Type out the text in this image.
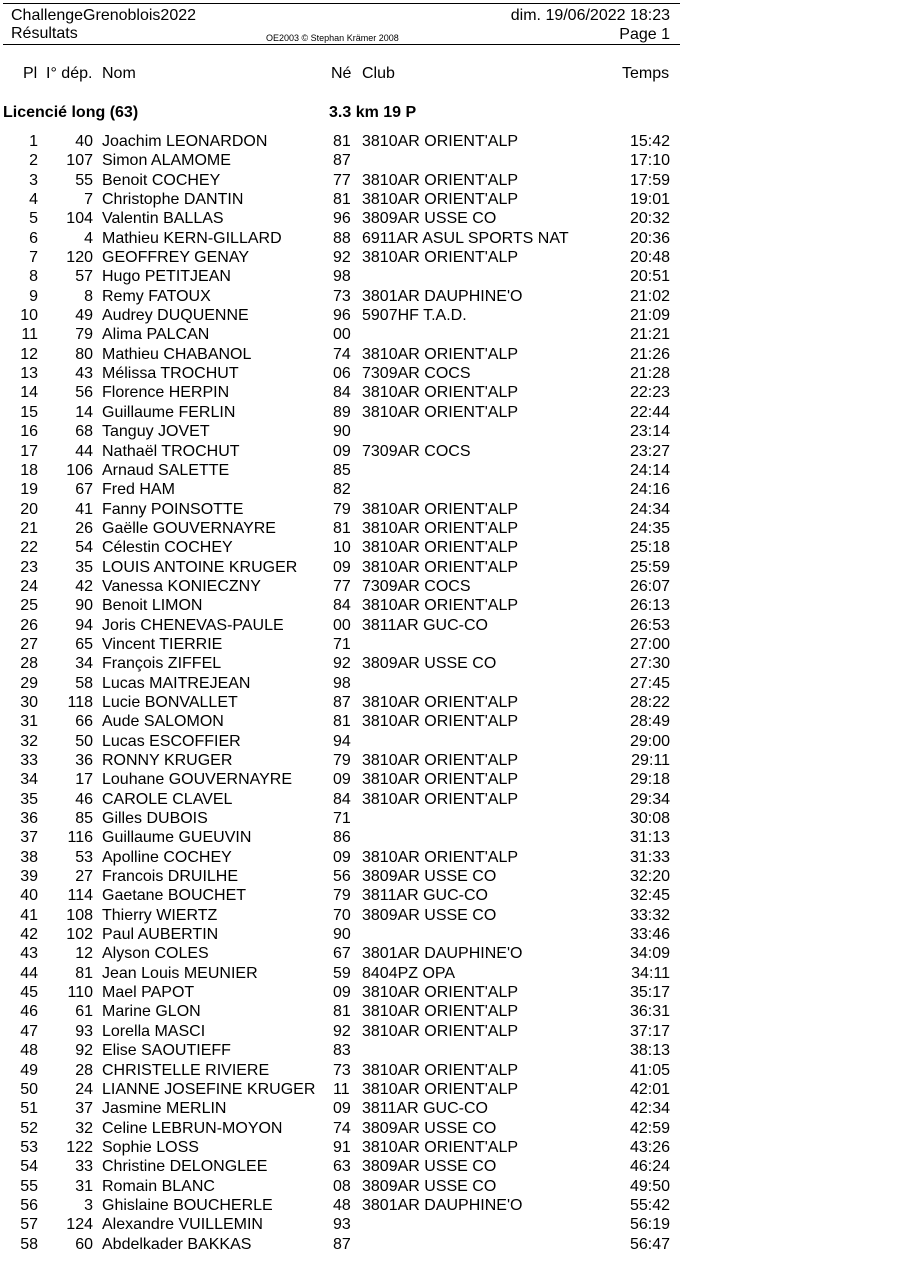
ChallengeGrenoblois2022
Résultats	OE2003 © Stephan Krämer 2008
dim. 19/06/2022 18:23
Page 1
Pl I° dép. Nom	Né Club	Temps
Licencié long (63)	3.3 km 19 P
1	40 Joachim LEONARDON	81 3810AR ORIENT'ALP	15:42
2	107 Simon ALAMOME	87	17:10
3	55 Benoit COCHEY	77 3810AR ORIENT'ALP	17:59
4	7 Christophe DANTIN	81 3810AR ORIENT'ALP	19:01
5	104 Valentin BALLAS	96 3809AR USSE CO	20:32
6	4 Mathieu KERN-GILLARD	88 6911AR ASUL SPORTS NAT	20:36
7	120 GEOFFREY GENAY	92 3810AR ORIENT'ALP	20:48
8	57 Hugo PETITJEAN	98	20:51
9	8 Remy FATOUX	73 3801AR DAUPHINE'O	21:02
10	49 Audrey DUQUENNE	96 5907HF T.A.D.	21:09
11	79 Alima PALCAN	00	21:21
12	80 Mathieu CHABANOL	74 3810AR ORIENT'ALP	21:26
13	43 Mélissa TROCHUT	06 7309AR COCS	21:28
14	56 Florence HERPIN	84 3810AR ORIENT'ALP	22:23
15	14 Guillaume FERLIN	89 3810AR ORIENT'ALP	22:44
16	68 Tanguy JOVET	90	23:14
17	44 Nathaël TROCHUT	09 7309AR COCS	23:27
18	106 Arnaud SALETTE	85	24:14
19	67 Fred HAM	82	24:16
20	41 Fanny POINSOTTE	79 3810AR ORIENT'ALP	24:34
21	26 Gaëlle GOUVERNAYRE	81 3810AR ORIENT'ALP	24:35
22	54 Célestin COCHEY	10 3810AR ORIENT'ALP	25:18
23	35 LOUIS ANTOINE KRUGER 09 3810AR ORIENT'ALP	25:59
24	42 Vanessa KONIECZNY	77 7309AR COCS	26:07
25	90 Benoit LIMON	84 3810AR ORIENT'ALP	26:13
26	94 Joris CHENEVAS-PAULE	00 3811AR GUC-CO	26:53
27	65 Vincent TIERRIE	71	27:00
28	34 François ZIFFEL	92 3809AR USSE CO	27:30
29	58 Lucas MAITREJEAN	98	27:45
30	118 Lucie BONVALLET	87 3810AR ORIENT'ALP	28:22
31	66 Aude SALOMON	81 3810AR ORIENT'ALP	28:49
32	50 Lucas ESCOFFIER	94	29:00
33	36 RONNY KRUGER	79 3810AR ORIENT'ALP	29:11
34	17 Louhane GOUVERNAYRE	09 3810AR ORIENT'ALP	29:18
35	46 CAROLE CLAVEL	84 3810AR ORIENT'ALP	29:34
36	85 Gilles DUBOIS	71	30:08
37	116 Guillaume GUEUVIN	86	31:13
38	53 Apolline COCHEY	09 3810AR ORIENT'ALP	31:33
39	27 Francois DRUILHE	56 3809AR USSE CO	32:20
40	114 Gaetane BOUCHET	79 3811AR GUC-CO	32:45
41	108 Thierry WIERTZ	70 3809AR USSE CO	33:32
42	102 Paul AUBERTIN	90	33:46
43	12 Alyson COLES	67 3801AR DAUPHINE'O	34:09
44	81 Jean Louis MEUNIER	59 8404PZ OPA	34:11
45	110 Mael PAPOT	09 3810AR ORIENT'ALP	35:17
46	61 Marine GLON	81 3810AR ORIENT'ALP	36:31
47	93 Lorella MASCI	92 3810AR ORIENT'ALP	37:17
48	92 Elise SAOUTIEFF	83	38:13
49	28 CHRISTELLE RIVIERE	73 3810AR ORIENT'ALP	41:05
50	24 LIANNE JOSEFINE KRUGER 11 3810AR ORIENT'ALP	42:01
51	37 Jasmine MERLIN	09 3811AR GUC-CO	42:34
52	32 Celine LEBRUN-MOYON	74 3809AR USSE CO	42:59
53	122 Sophie LOSS	91 3810AR ORIENT'ALP	43:26
54	33 Christine DELONGLEE	63 3809AR USSE CO	46:24
55	31 Romain BLANC	08 3809AR USSE CO	49:50
56	3 Ghislaine BOUCHERLE	48 3801AR DAUPHINE'O	55:42
57	124 Alexandre VUILLEMIN	93	56:19
58	60 Abdelkader BAKKAS	87	56:47
